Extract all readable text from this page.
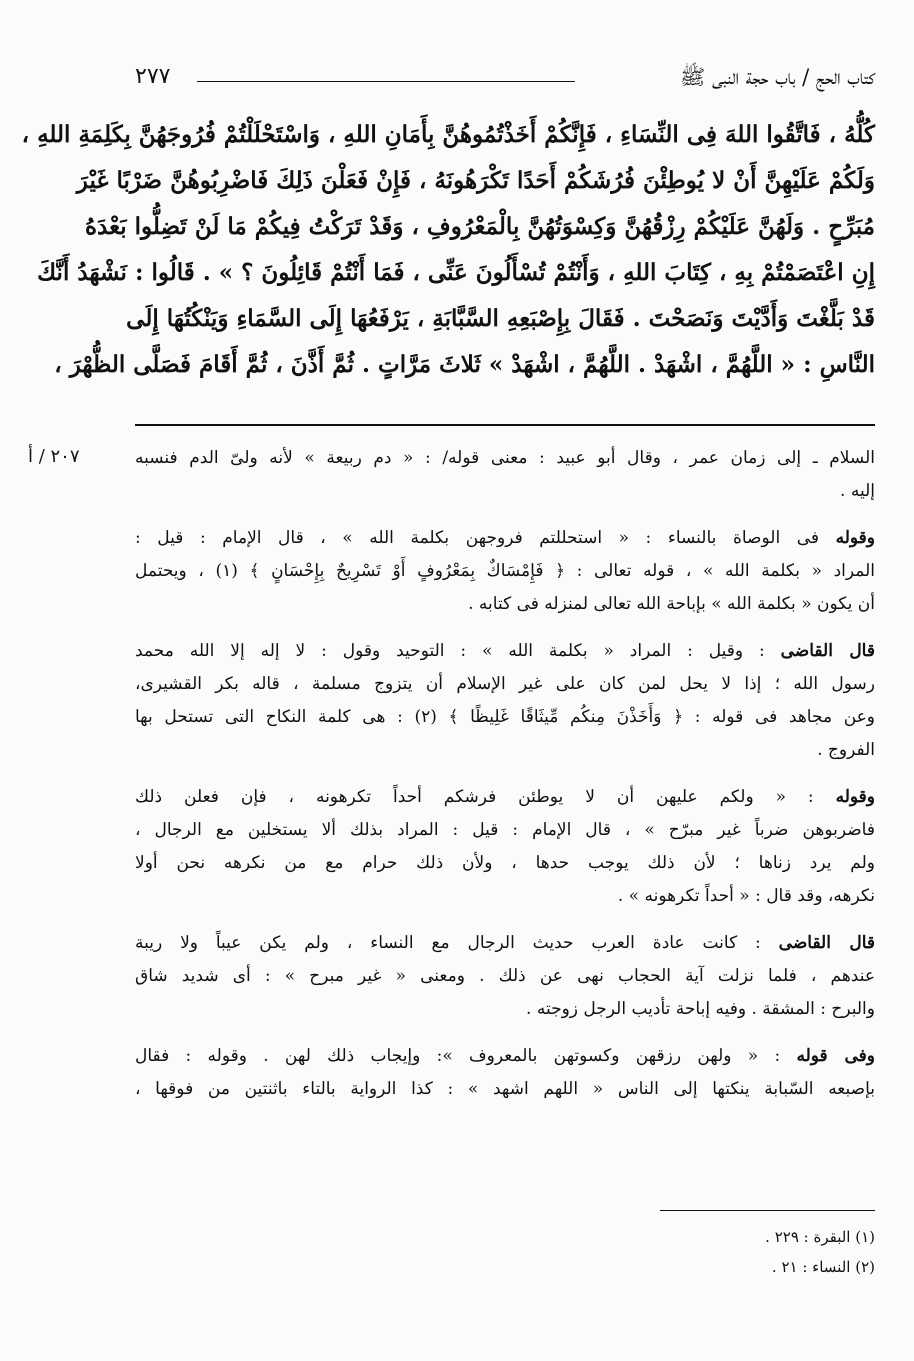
كتاب الحج / باب حجة النبى ﷺ
٢٧٧
كُلُّهُ ، فَاتَّقُوا اللهَ فِى النِّسَاءِ ، فَإِنَّكُمْ أَخَذْتُمُوهُنَّ بِأَمَانِ اللهِ ، وَاسْتَحْلَلْتُمْ فُرُوجَهُنَّ بِكَلِمَةِ اللهِ ،
وَلَكُمْ عَلَيْهِنَّ أَنْ لا يُوطِئْنَ فُرُشَكُمْ أَحَدًا تَكْرَهُونَهُ ، فَإِنْ فَعَلْنَ ذَلِكَ فَاضْرِبُوهُنَّ ضَرْبًا غَيْرَ
مُبَرِّحٍ . وَلَهُنَّ عَلَيْكُمْ رِزْقُهُنَّ وَكِسْوَتُهُنَّ بِالْمَعْرُوفِ ، وَقَدْ تَرَكْتُ فِيكُمْ مَا لَنْ تَضِلُّوا بَعْدَهُ
إِنِ اعْتَصَمْتُمْ بِهِ ، كِتَابَ اللهِ ، وَأَنْتُمْ تُسْأَلُونَ عَنِّى ، فَمَا أَنْتُمْ قَائِلُونَ ؟ » . قَالُوا : نَشْهَدُ أَنَّكَ
قَدْ بَلَّغْتَ وَأَدَّيْتَ وَنَصَحْتَ . فَقَالَ بِإِصْبَعِهِ السَّبَّابَةِ ، يَرْفَعُهَا إِلَى السَّمَاءِ وَيَنْكُتُهَا إِلَى
النَّاسِ : « اللَّهُمَّ ، اشْهَدْ . اللَّهُمَّ ، اشْهَدْ » ثَلاثَ مَرَّاتٍ . ثُمَّ أَذَّنَ ، ثُمَّ أَقَامَ فَصَلَّى الظُّهْرَ ،
٢٠٧ / أ	السلام ـ إلى زمان عمر ، وقال أبو عبيد : معنى قوله/ : « دم ربيعة » لأنه ولىّ الدم فنسبه
إليه .
وقوله فى الوصاة بالنساء : « استحللتم فروجهن بكلمة الله » ، قال الإمام : قيل :
المراد « بكلمة الله » ، قوله تعالى : ﴿ فَإِمْسَاكٌ بِمَعْرُوفٍ أَوْ تَسْرِيحٌ بِإِحْسَانٍ ﴾ (١) ، ويحتمل
أن يكون « بكلمة الله » بإباحة الله تعالى لمنزله فى كتابه .
قال القاضى : وقيل : المراد « بكلمة الله » : التوحيد وقول : لا إله إلا الله محمد
رسول الله ؛ إذا لا يحل لمن كان على غير الإسلام أن يتزوج مسلمة ، قاله بكر القشيرى،
وعن مجاهد فى قوله : ﴿ وَأَخَذْنَ مِنكُم مِّيثَاقًا غَلِيظًا ﴾ (٢) : هى كلمة النكاح التى تستحل بها
الفروج .
وقوله : « ولكم عليهن أن لا يوطئن فرشكم أحداً تكرهونه ، فإن فعلن ذلك
فاضربوهن ضرباً غير مبرّح » ، قال الإمام : قيل : المراد بذلك ألا يستخلين مع الرجال ،
ولم يرد زناها ؛ لأن ذلك يوجب حدها ، ولأن ذلك حرام مع من نكرهه نحن أولا
نكرهه، وقد قال : « أحداً تكرهونه » .
قال القاضى : كانت عادة العرب حديث الرجال مع النساء ، ولم يكن عيباً ولا ريبة
عندهم ، فلما نزلت آية الحجاب نهى عن ذلك . ومعنى « غير مبرح » : أى شديد شاق
والبرح : المشقة . وفيه إباحة تأديب الرجل زوجته .
وفى قوله : « ولهن رزقهن وكسوتهن بالمعروف »: وإيجاب ذلك لهن . وقوله : فقال
بإصبعه السّبابة ينكتها إلى الناس « اللهم اشهد » : كذا الرواية بالتاء باثنتين من فوقها ،
(١) البقرة : ٢٢٩ .
(٢) النساء : ٢١ .
